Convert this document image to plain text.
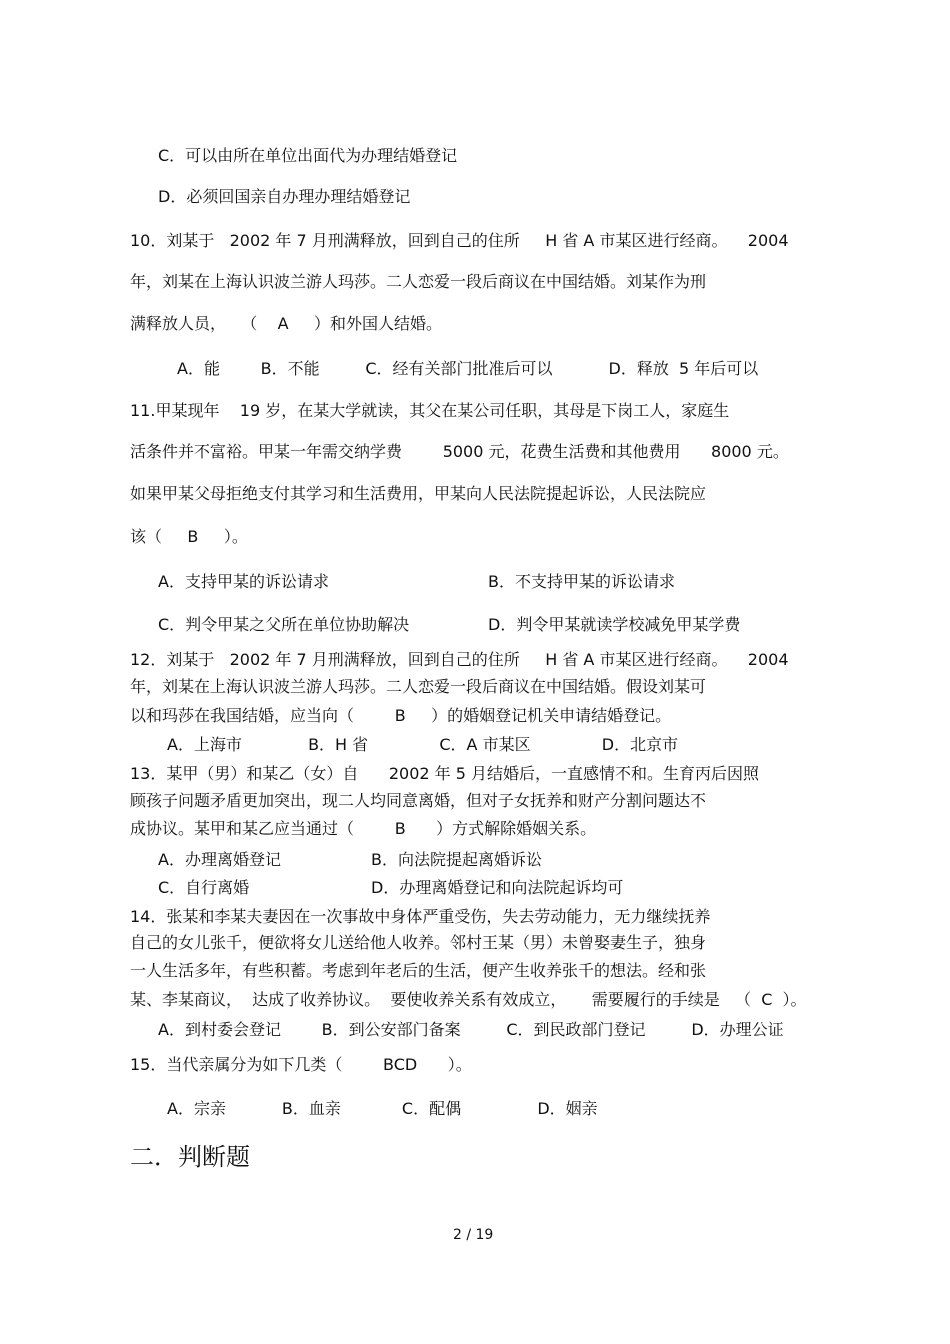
C．可以由所在单位出面代为办理结婚登记
D．必须回国亲自办理办理结婚登记
10．刘某于   2002 年 7 月刑满释放，回到自己的住所     H 省 A 市某区进行经商。    2004
年，刘某在上海认识波兰游人玛莎。二人恋爱一段后商议在中国结婚。刘某作为刑
满释放人员，   （    A     ）和外国人结婚。
A．能        B．不能         C．经有关部门批准后可以           D．释放  5 年后可以
11.甲某现年    19 岁，在某大学就读，其父在某公司任职，其母是下岗工人，家庭生
活条件并不富裕。甲某一年需交纳学费        5000 元，花费生活费和其他费用      8000 元。
如果甲某父母拒绝支付其学习和生活费用，甲某向人民法院提起诉讼，人民法院应
该（     B     ）。
A．支持甲某的诉讼请求	B．不支持甲某的诉讼请求
C．判令甲某之父所在单位协助解决	D．判令甲某就读学校减免甲某学费
12．刘某于   2002 年 7 月刑满释放，回到自己的住所     H 省 A 市某区进行经商。    2004
年，刘某在上海认识波兰游人玛莎。二人恋爱一段后商议在中国结婚。假设刘某可
以和玛莎在我国结婚，应当向（        B     ）的婚姻登记机关申请结婚登记。
A．上海市             B．H 省              C．A 市某区              D．北京市
13．某甲（男）和某乙（女）自      2002 年 5 月结婚后，一直感情不和。生育丙后因照
顾孩子问题矛盾更加突出，现二人均同意离婚，但对子女抚养和财产分割问题达不
成协议。某甲和某乙应当通过（        B      ）方式解除婚姻关系。
A．办理离婚登记	B．向法院提起离婚诉讼
C．自行离婚	D．办理离婚登记和向法院起诉均可
14．张某和李某夫妻因在一次事故中身体严重受伤，失去劳动能力，无力继续抚养
自己的女儿张千，便欲将女儿送给他人收养。邻村王某（男）未曾娶妻生子，独身
一人生活多年，有些积蓄。考虑到年老后的生活，便产生收养张千的想法。经和张
某、李某商议，  达成了收养协议。  要使收养关系有效成立，     需要履行的手续是   （  C  ）。
A．到村委会登记        B．到公安部门备案         C．到民政部门登记         D．办理公证
15．当代亲属分为如下几类（        BCD      ）。
A．宗亲           B．血亲            C．配偶               D．姻亲
二．判断题
2 / 19
